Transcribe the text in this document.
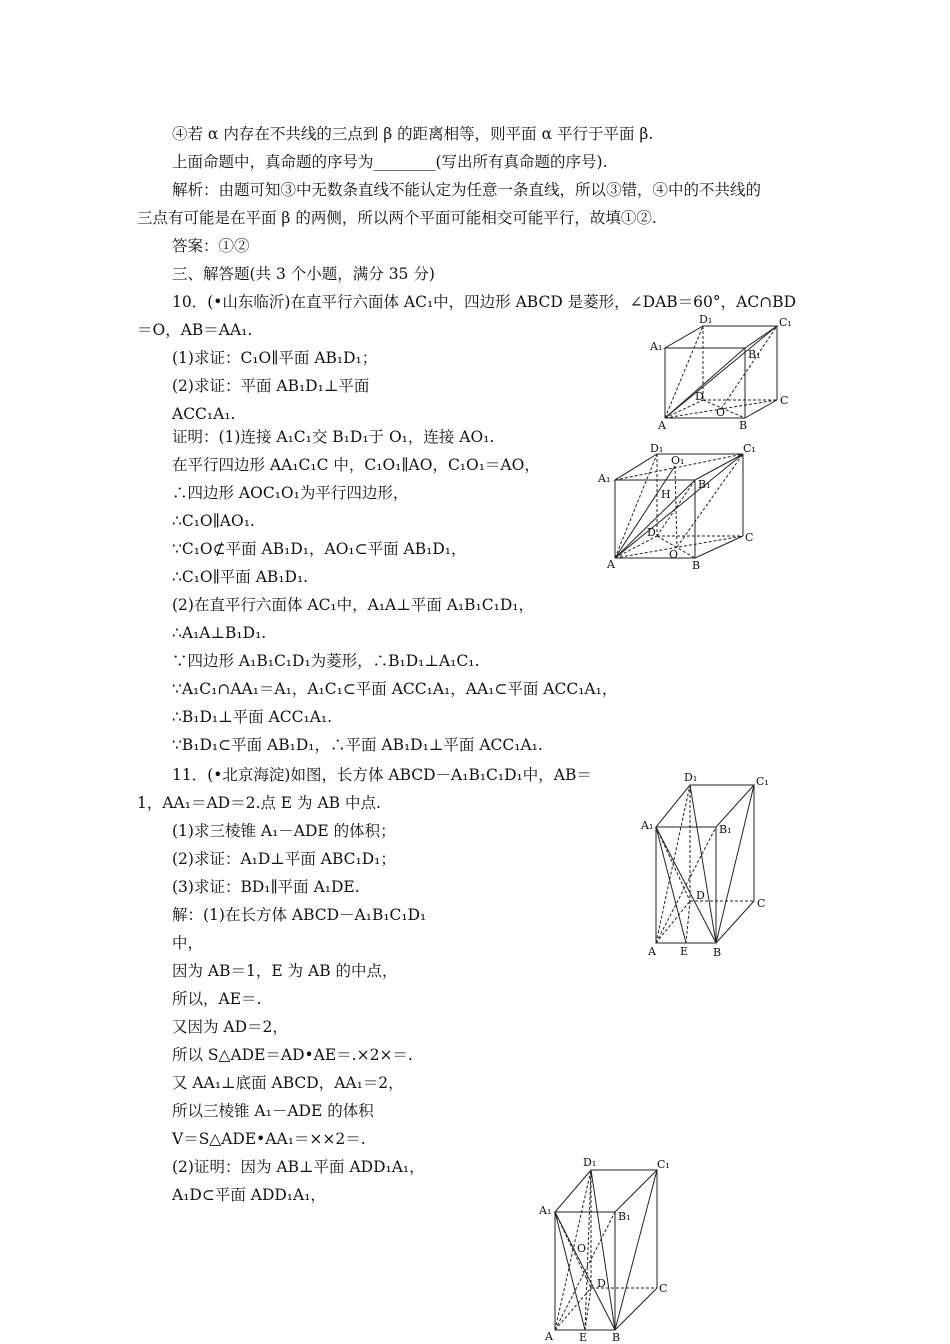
④若 α 内存在不共线的三点到 β 的距离相等，则平面 α 平行于平面 β.
上面命题中，真命题的序号为________(写出所有真命题的序号).
解析：由题可知③中无数条直线不能认定为任意一条直线，所以③错，④中的不共线的
三点有可能是在平面 β 的两侧，所以两个平面可能相交可能平行，故填①②.
答案：①②
三、解答题(共 3 个小题，满分 35 分)
10．(•山东临沂)在直平行六面体 AC₁中，四边形 ABCD 是菱形，∠DAB＝60°，AC∩BD
＝O，AB＝AA₁.
(1)求证：C₁O∥平面 AB₁D₁；
(2)求证：平面 AB₁D₁⊥平面
ACC₁A₁.
证明：(1)连接 A₁C₁交 B₁D₁于 O₁，连接 AO₁.
在平行四边形 AA₁C₁C 中，C₁O₁∥AO，C₁O₁＝AO，
∴四边形 AOC₁O₁为平行四边形，
∴C₁O∥AO₁.
∵C₁O⊄平面 AB₁D₁，AO₁⊂平面 AB₁D₁，
∴C₁O∥平面 AB₁D₁.
(2)在直平行六面体 AC₁中，A₁A⊥平面 A₁B₁C₁D₁，
∴A₁A⊥B₁D₁.
∵四边形 A₁B₁C₁D₁为菱形，∴B₁D₁⊥A₁C₁.
∵A₁C₁∩AA₁＝A₁，A₁C₁⊂平面 ACC₁A₁，AA₁⊂平面 ACC₁A₁，
∴B₁D₁⊥平面 ACC₁A₁.
∵B₁D₁⊂平面 AB₁D₁，∴平面 AB₁D₁⊥平面 ACC₁A₁.
11．(•北京海淀)如图，长方体 ABCD－A₁B₁C₁D₁中，AB＝
1，AA₁＝AD＝2.点 E 为 AB 中点.
(1)求三棱锥 A₁－ADE 的体积；
(2)求证：A₁D⊥平面 ABC₁D₁；
(3)求证：BD₁∥平面 A₁DE.
解：(1)在长方体 ABCD－A₁B₁C₁D₁
中，
因为 AB＝1，E 为 AB 的中点，
所以，AE＝.
又因为 AD＝2，
所以 S△ADE＝AD•AE＝.×2×＝.
又 AA₁⊥底面 ABCD，AA₁＝2，
所以三棱锥 A₁－ADE 的体积
V＝S△ADE•AA₁＝××2＝.
(2)证明：因为 AB⊥平面 ADD₁A₁，
A₁D⊂平面 ADD₁A₁，
D₁	C₁
A₁
B₁
D
O
C
A	B
D₁
O₁
C₁
A₁	B₁
H
D	C
A
O
B
D₁	C₁
A₁	B₁
D
C
A E B
D₁	C₁
A₁	B₁
O
D	C
A E B
